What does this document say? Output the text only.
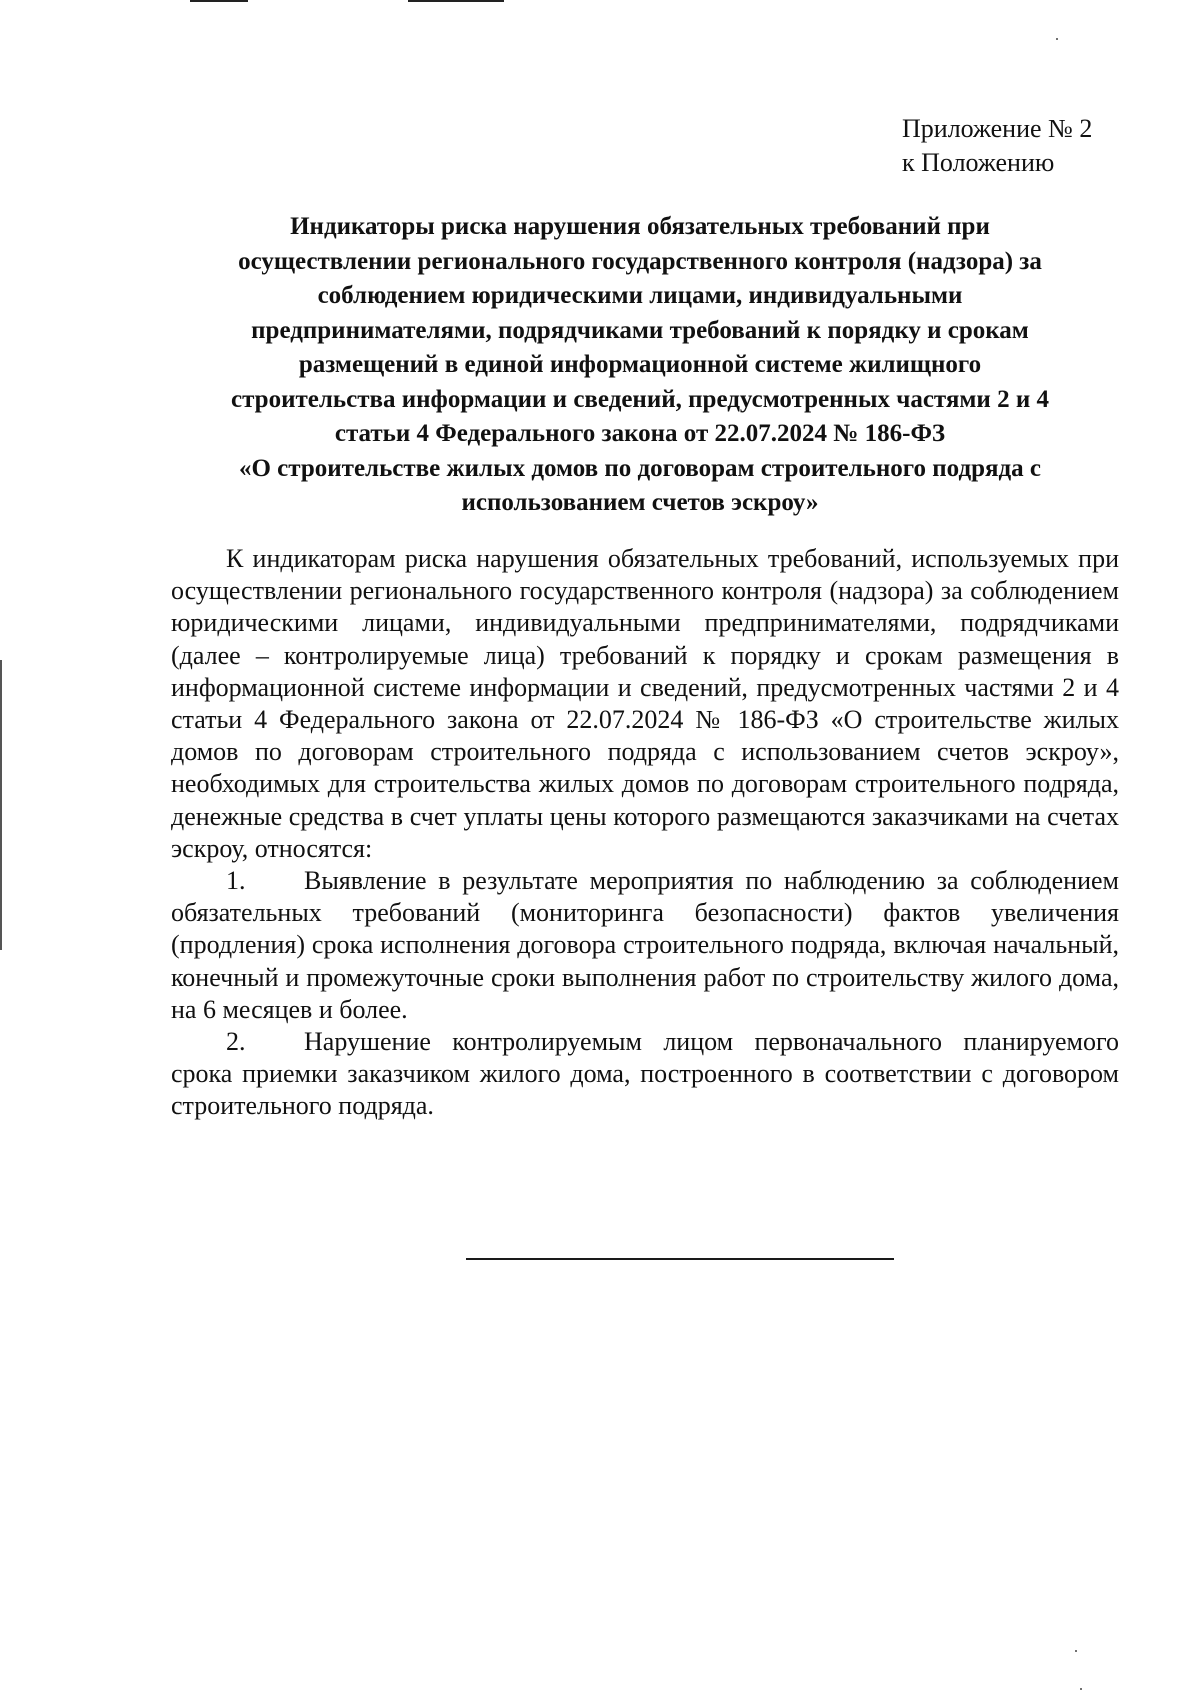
Приложение № 2
к Положению
Индикаторы риска нарушения обязательных требований при
осуществлении регионального государственного контроля (надзора) за
соблюдением юридическими лицами, индивидуальными
предпринимателями, подрядчиками требований к порядку и срокам
размещений в единой информационной системе жилищного
строительства информации и сведений, предусмотренных частями 2 и 4
статьи 4 Федерального закона от 22.07.2024 № 186-ФЗ
«О строительстве жилых домов по договорам строительного подряда с
использованием счетов эскроу»

К индикаторам риска нарушения обязательных требований, используемых при осуществлении регионального государственного контроля (надзора) за соблюдением юридическими лицами, индивидуальными предпринимателями, подрядчиками (далее – контролируемые лица) требований к порядку и срокам размещения в информационной системе информации и сведений, предусмотренных частями 2 и 4 статьи 4 Федерального закона от 22.07.2024 № 186-ФЗ «О строительстве жилых домов по договорам строительного подряда с использованием счетов эскроу», необходимых для строительства жилых домов по договорам строительного подряда, денежные средства в счет уплаты цены которого размещаются заказчиками на счетах эскроу, относятся:

1. Выявление в результате мероприятия по наблюдению за соблюдением обязательных требований (мониторинга безопасности) фактов увеличения (продления) срока исполнения договора строительного подряда, включая начальный, конечный и промежуточные сроки выполнения работ по строительству жилого дома, на 6 месяцев и более.

2. Нарушение контролируемым лицом первоначального планируемого срока приемки заказчиком жилого дома, построенного в соответствии с договором строительного подряда.
